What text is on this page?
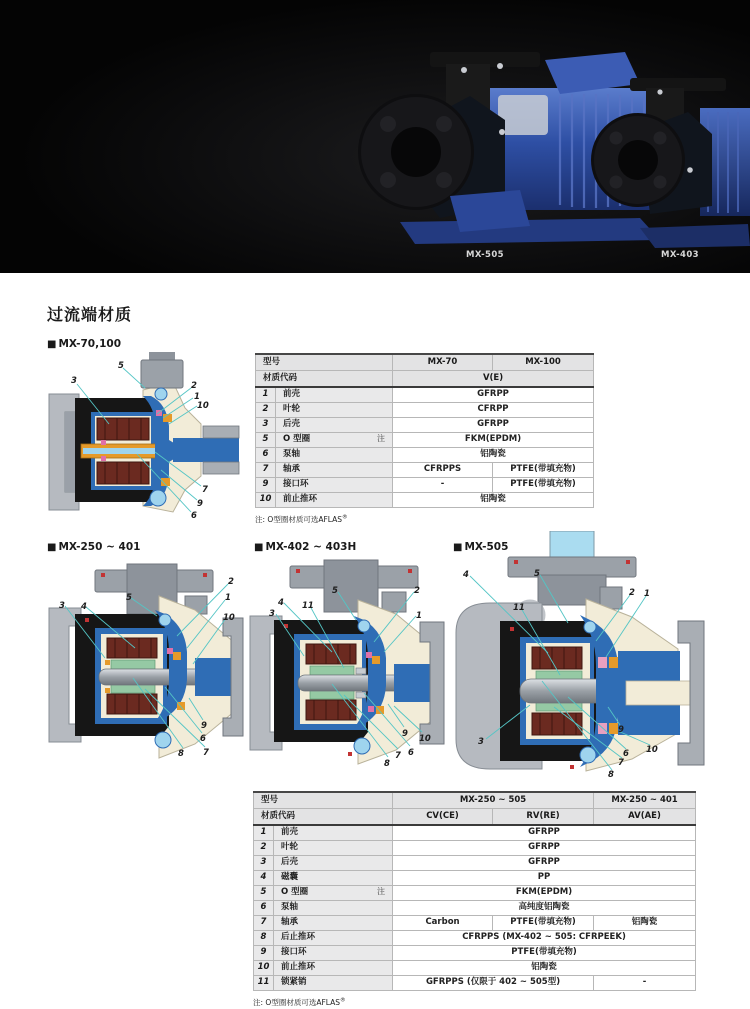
MX-505	MX-403
过流端材质
■ MX-70,100
■ MX-250 ~ 401	■ MX-402 ~ 403H	■ MX-505
5
3	2
1
10
7
9
6
型号		MX-70	MX-100
材质代码		V(E)	
1	前壳	GFRPP	
2	叶轮	CFRPP	
3	后壳	GFRPP	
5	O 型圈 注	FKM(EPDM)	
6	泵轴	铝陶瓷	
7	轴承	CFRPPS	PTFE(带填充物)
9	接口环	-	PTFE(带填充物)
10	前止推环	铝陶瓷	
注: O型圈材质可选AFLAS®
3 4
5
2
1
10
9
6
7
8
5
4 11
3
2
1
9 10
6
7
8
4	5
11
2 1
3
9
10
6
7
8
型号		MX-250 ~ 505		MX-250 ~ 401
材质代码		CV(CE)	RV(RE)	AV(AE)
1	前壳	GFRPP		
2	叶轮	GFRPP		
3	后壳	GFRPP		
4	磁囊	PP		
5	O 型圈 注	FKM(EPDM)		
6	泵轴	高纯度铝陶瓷		
7	轴承	Carbon	PTFE(带填充物)	铝陶瓷
8	后止推环	CFRPPS (MX-402 ~ 505: CFRPEEK)		
9	接口环	PTFE(带填充物)		
10	前止推环	铝陶瓷		
11	锁紧销	GFRPPS (仅限于 402 ~ 505型)		-
注: O型圈材质可选AFLAS®
